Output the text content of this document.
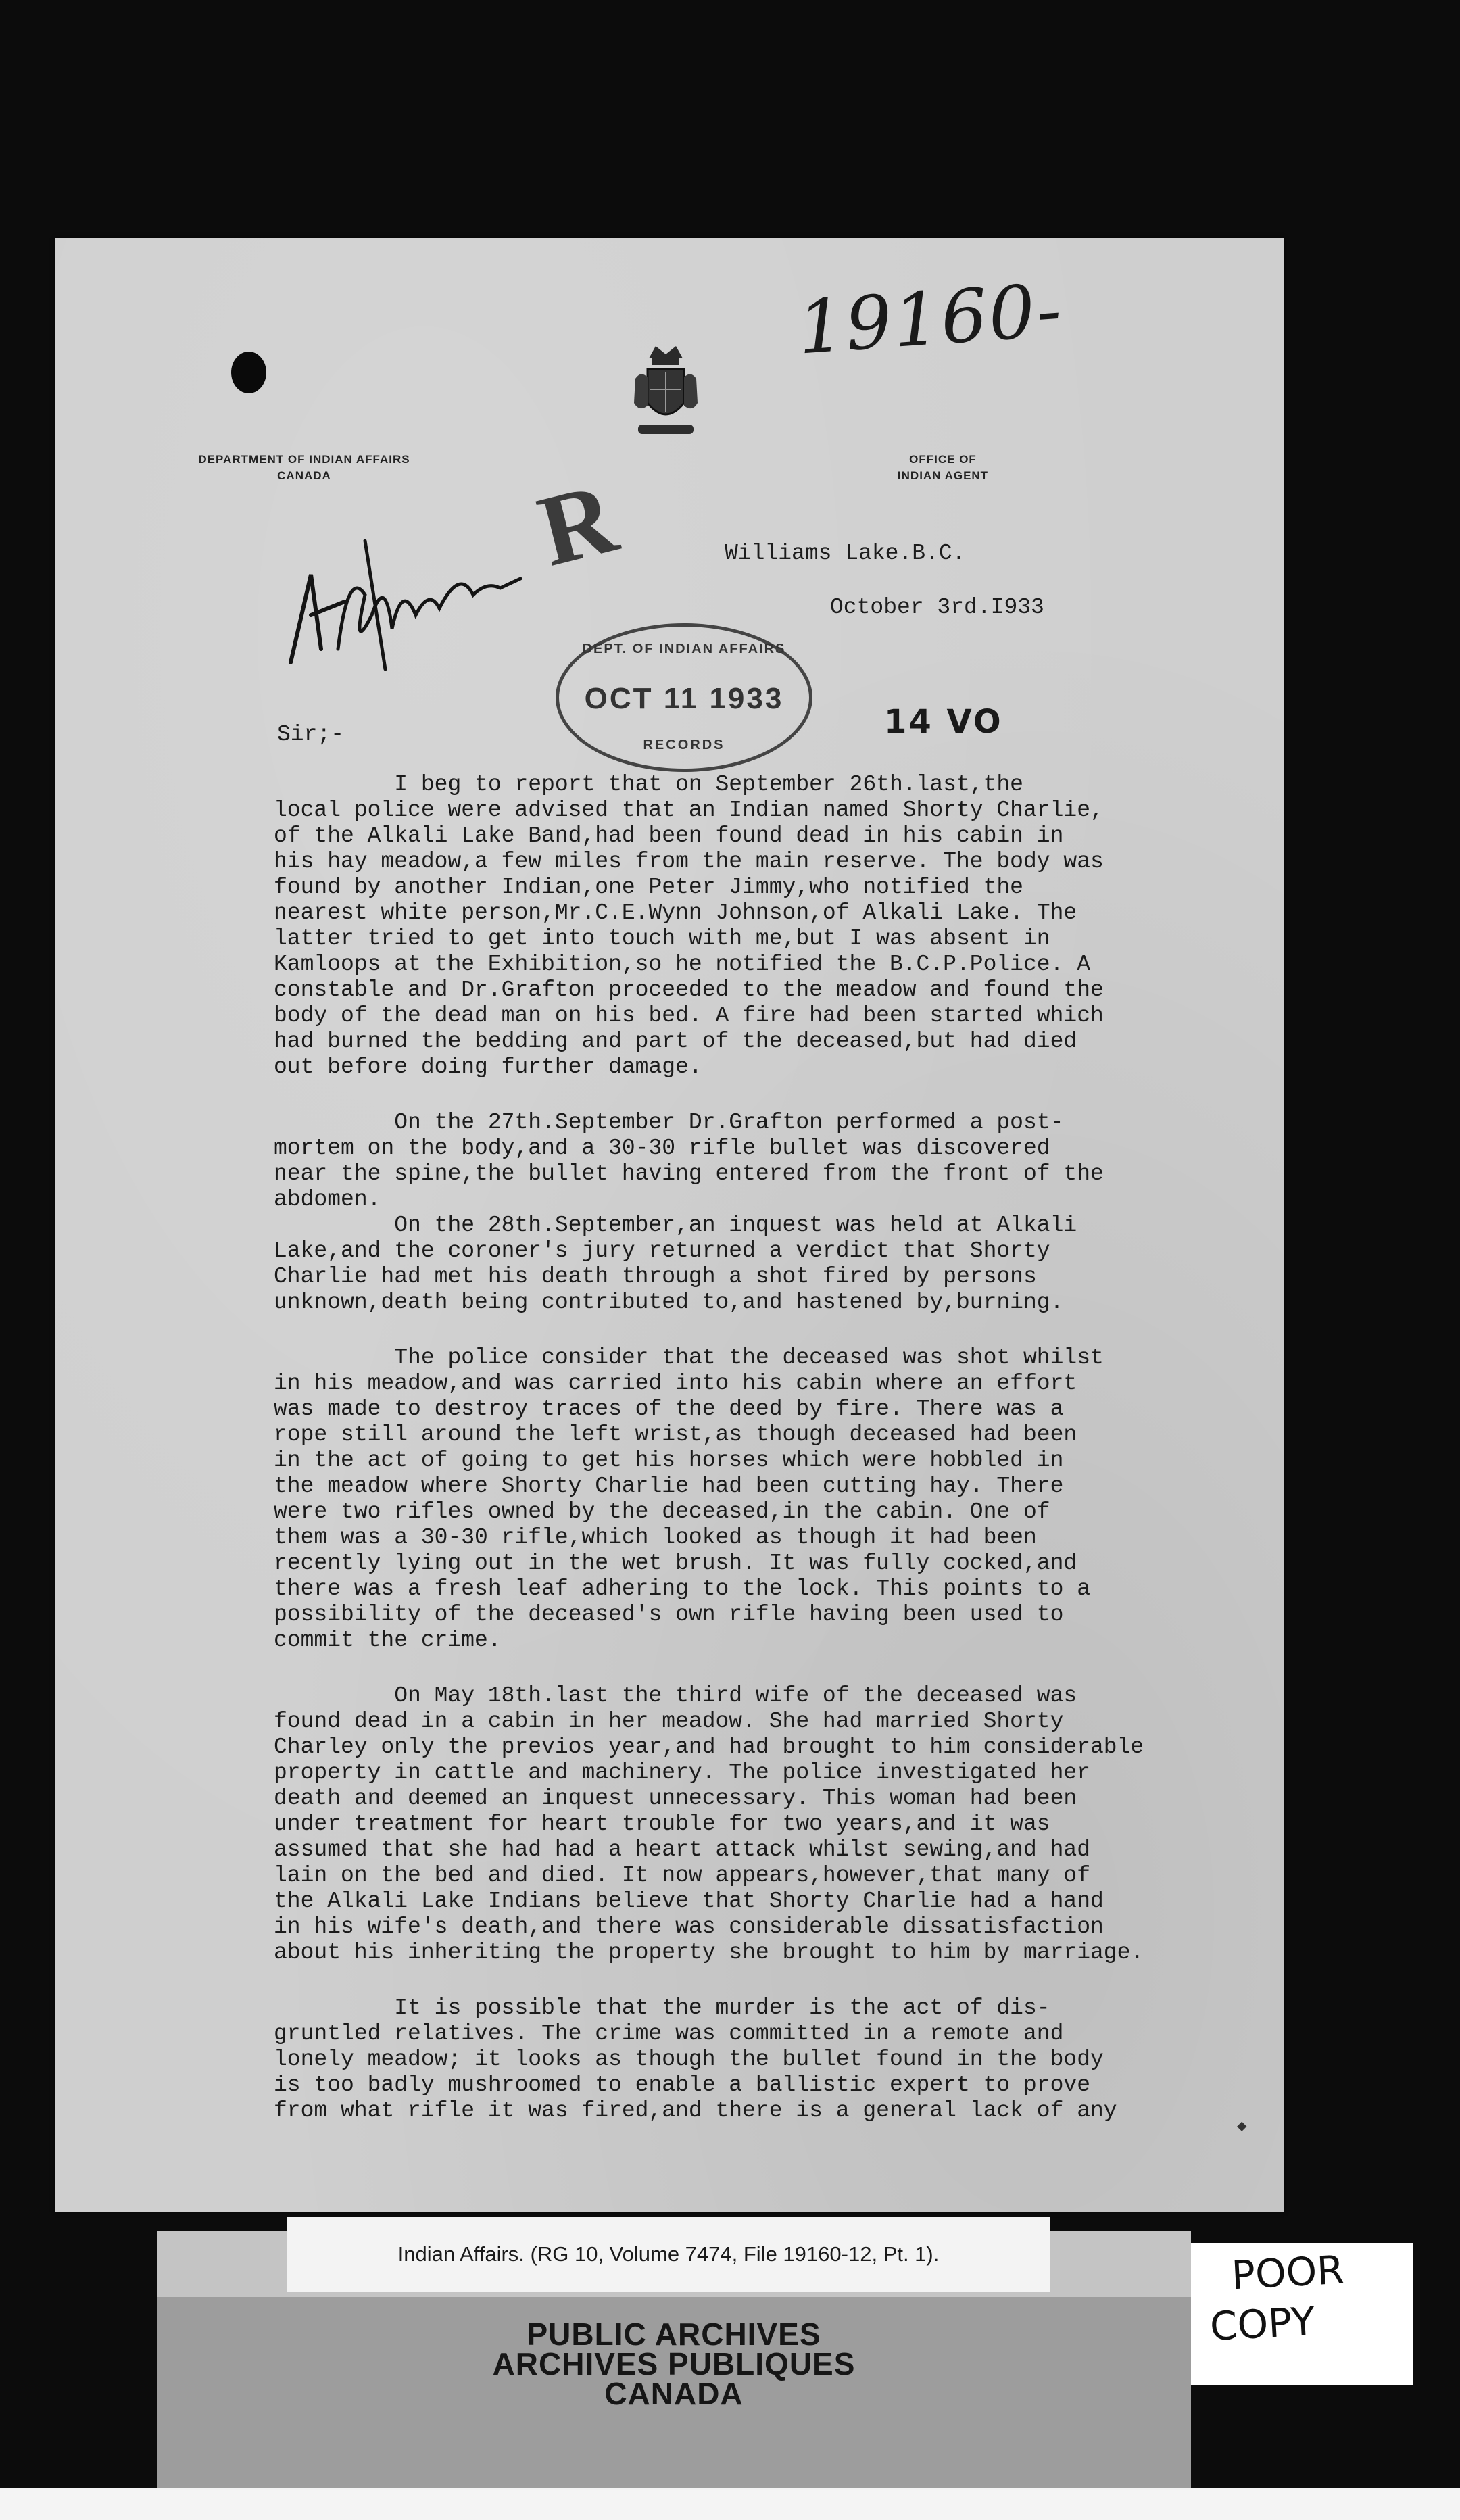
19160-
DEPARTMENT OF INDIAN AFFAIRS
CANADA
OFFICE OF
INDIAN AGENT
R	Williams Lake.B.C.
October 3rd.I933
DEPT. OF INDIAN AFFAIRS
OCT 11 1933
RECORDS
14 VO
Sir;-

I beg to report that on September 26th.last,the
local police were advised that an Indian named Shorty Charlie,
of the Alkali Lake Band,had been found dead in his cabin in
his hay meadow,a few miles from the main reserve. The body was
found by another Indian,one Peter Jimmy,who notified the
nearest white person,Mr.C.E.Wynn Johnson,of Alkali Lake. The
latter tried to get into touch with me,but I was absent in
Kamloops at the Exhibition,so he notified the B.C.P.Police. A
constable and Dr.Grafton proceeded to the meadow and found the
body of the dead man on his bed. A fire had been started which
had burned the bedding and part of the deceased,but had died
out before doing further damage.

On the 27th.September Dr.Grafton performed a post-
mortem on the body,and a 30-30 rifle bullet was discovered
near the spine,the bullet having entered from the front of the
abdomen.
On the 28th.September,an inquest was held at Alkali
Lake,and the coroner's jury returned a verdict that Shorty
Charlie had met his death through a shot fired by persons
unknown,death being contributed to,and hastened by,burning.

The police consider that the deceased was shot whilst
in his meadow,and was carried into his cabin where an effort
was made to destroy traces of the deed by fire. There was a
rope still around the left wrist,as though deceased had been
in the act of going to get his horses which were hobbled in
the meadow where Shorty Charlie had been cutting hay. There
were two rifles owned by the deceased,in the cabin. One of
them was a 30-30 rifle,which looked as though it had been
recently lying out in the wet brush. It was fully cocked,and
there was a fresh leaf adhering to the lock. This points to a
possibility of the deceased's own rifle having been used to
commit the crime.

On May 18th.last the third wife of the deceased was
found dead in a cabin in her meadow. She had married Shorty
Charley only the previos year,and had brought to him considerable
property in cattle and machinery. The police investigated her
death and deemed an inquest unnecessary. This woman had been
under treatment for heart trouble for two years,and it was
assumed that she had had a heart attack whilst sewing,and had
lain on the bed and died. It now appears,however,that many of
the Alkali Lake Indians believe that Shorty Charlie had a hand
in his wife's death,and there was considerable dissatisfaction
about his inheriting the property she brought to him by marriage.

It is possible that the murder is the act of dis-
gruntled relatives. The crime was committed in a remote and
lonely meadow; it looks as though the bullet found in the body
is too badly mushroomed to enable a ballistic expert to prove
from what rifle it was fired,and there is a general lack of any

◆
Indian Affairs. (RG 10, Volume 7474, File 19160-12, Pt. 1).
PUBLIC ARCHIVES
ARCHIVES PUBLIQUES
CANADA
POOR
COPY
